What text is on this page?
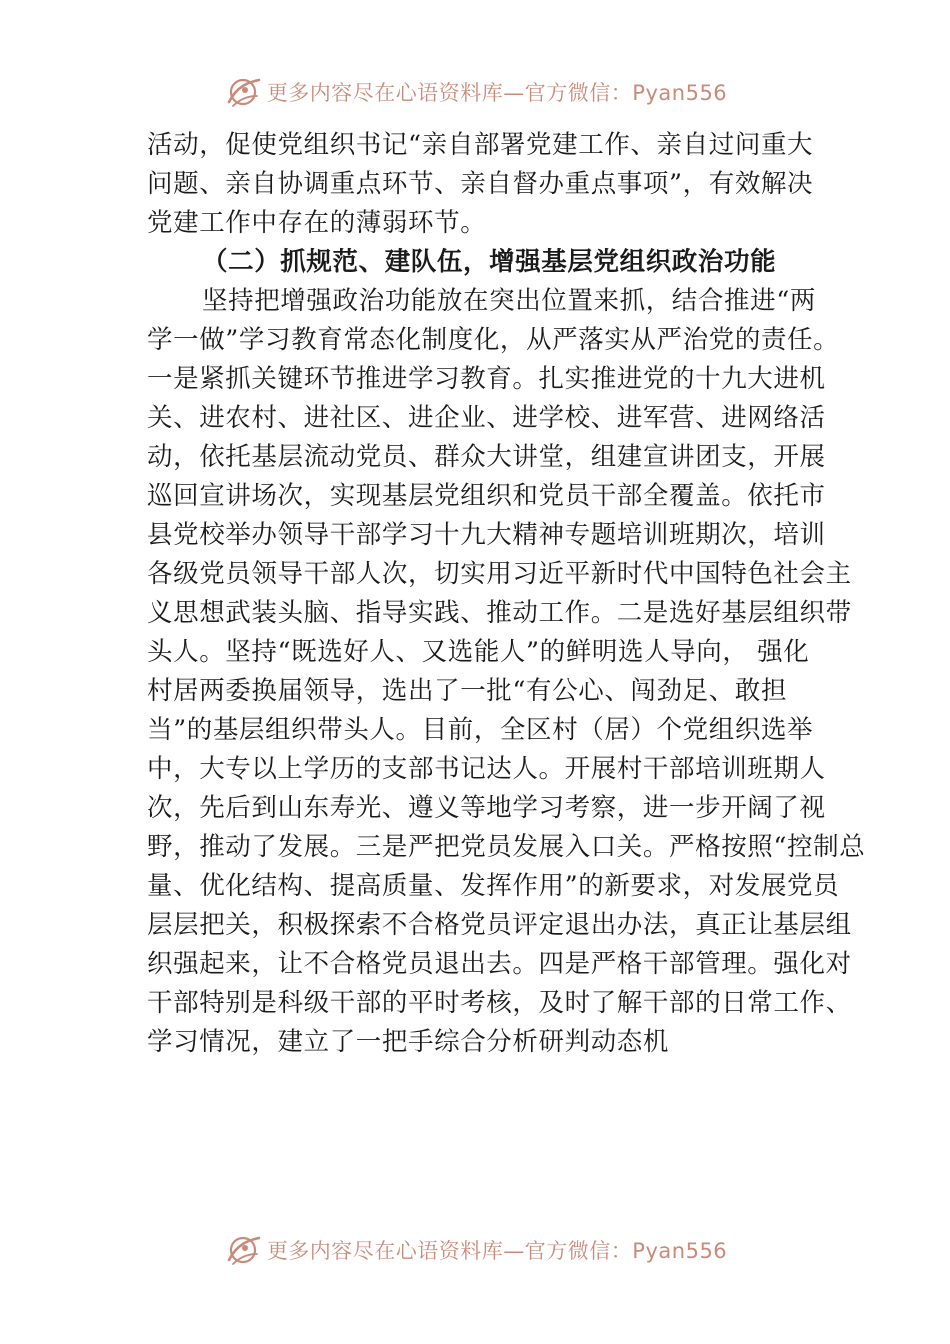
更多内容尽在心语资料库—官方微信：Pyan556
活动，促使党组织书记“亲自部署党建工作、亲自过问重大
问题、亲自协调重点环节、亲自督办重点事项”，有效解决
党建工作中存在的薄弱环节。
（二）抓规范、建队伍，增强基层党组织政治功能
坚持把增强政治功能放在突出位置来抓，结合推进“两
学一做”学习教育常态化制度化，从严落实从严治党的责任。
一是紧抓关键环节推进学习教育。扎实推进党的十九大进机
关、进农村、进社区、进企业、进学校、进军营、进网络活
动，依托基层流动党员、群众大讲堂，组建宣讲团支，开展
巡回宣讲场次，实现基层党组织和党员干部全覆盖。依托市
县党校举办领导干部学习十九大精神专题培训班期次，培训
各级党员领导干部人次，切实用习近平新时代中国特色社会主
义思想武装头脑、指导实践、推动工作。二是选好基层组织带
头人。坚持“既选好人、又选能人”的鲜明选人导向， 强化
村居两委换届领导，选出了一批“有公心、闯劲足、敢担
当”的基层组织带头人。目前，全区村（居）个党组织选举
中，大专以上学历的支部书记达人。开展村干部培训班期人
次，先后到山东寿光、遵义等地学习考察，进一步开阔了视
野，推动了发展。三是严把党员发展入口关。严格按照“控制总
量、优化结构、提高质量、发挥作用”的新要求，对发展党员
层层把关，积极探索不合格党员评定退出办法，真正让基层组
织强起来，让不合格党员退出去。四是严格干部管理。强化对
干部特别是科级干部的平时考核，及时了解干部的日常工作、
学习情况，建立了一把手综合分析研判动态机
更多内容尽在心语资料库—官方微信：Pyan556
